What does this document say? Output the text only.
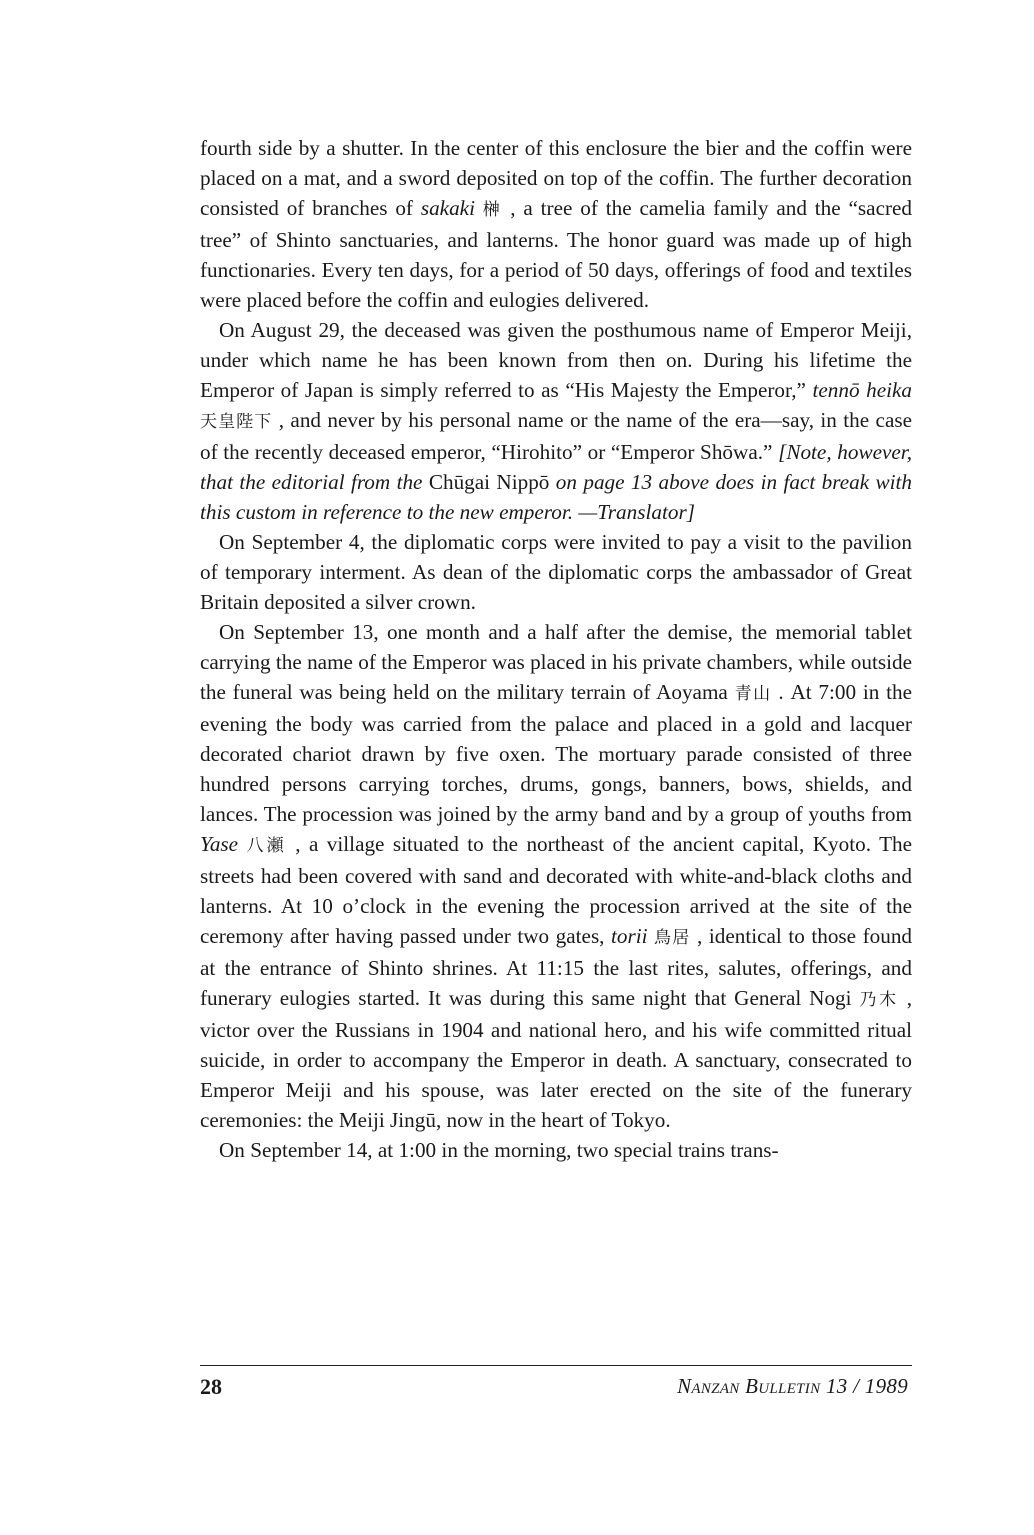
fourth side by a shutter. In the center of this enclosure the bier and the coffin were placed on a mat, and a sword deposited on top of the coffin. The further decoration consisted of branches of sakaki 榊 , a tree of the camelia family and the “sacred tree” of Shinto sanctuaries, and lanterns. The honor guard was made up of high functionaries. Every ten days, for a period of 50 days, offerings of food and textiles were placed before the coffin and eulogies delivered.

On August 29, the deceased was given the posthumous name of Emperor Meiji, under which name he has been known from then on. During his lifetime the Emperor of Japan is simply referred to as “His Majesty the Emperor,” tennō heika 天皇陛下 , and never by his personal name or the name of the era—say, in the case of the recently deceased emperor, “Hirohito” or “Emperor Shōwa.” [Note, however, that the editorial from the Chūgai Nippō on page 13 above does in fact break with this custom in reference to the new emperor. —Translator]

On September 4, the diplomatic corps were invited to pay a visit to the pavilion of temporary interment. As dean of the diplomatic corps the ambassador of Great Britain deposited a silver crown.

On September 13, one month and a half after the demise, the memorial tablet carrying the name of the Emperor was placed in his private chambers, while outside the funeral was being held on the military terrain of Aoyama 青山 . At 7:00 in the evening the body was carried from the palace and placed in a gold and lacquer decorated chariot drawn by five oxen. The mortuary parade consisted of three hundred persons carrying torches, drums, gongs, banners, bows, shields, and lances. The procession was joined by the army band and by a group of youths from Yase 八瀬 , a village situated to the northeast of the ancient capital, Kyoto. The streets had been covered with sand and decorated with white-and-black cloths and lanterns. At 10 o’clock in the evening the procession arrived at the site of the ceremony after having passed under two gates, torii 鳥居 , identical to those found at the entrance of Shinto shrines. At 11:15 the last rites, salutes, offerings, and funerary eulogies started. It was during this same night that General Nogi 乃木 , victor over the Russians in 1904 and national hero, and his wife committed ritual suicide, in order to accompany the Emperor in death. A sanctuary, consecrated to Emperor Meiji and his spouse, was later erected on the site of the funerary ceremonies: the Meiji Jingū, now in the heart of Tokyo.

On September 14, at 1:00 in the morning, two special trains trans-

28	Nanzan Bulletin 13 / 1989
